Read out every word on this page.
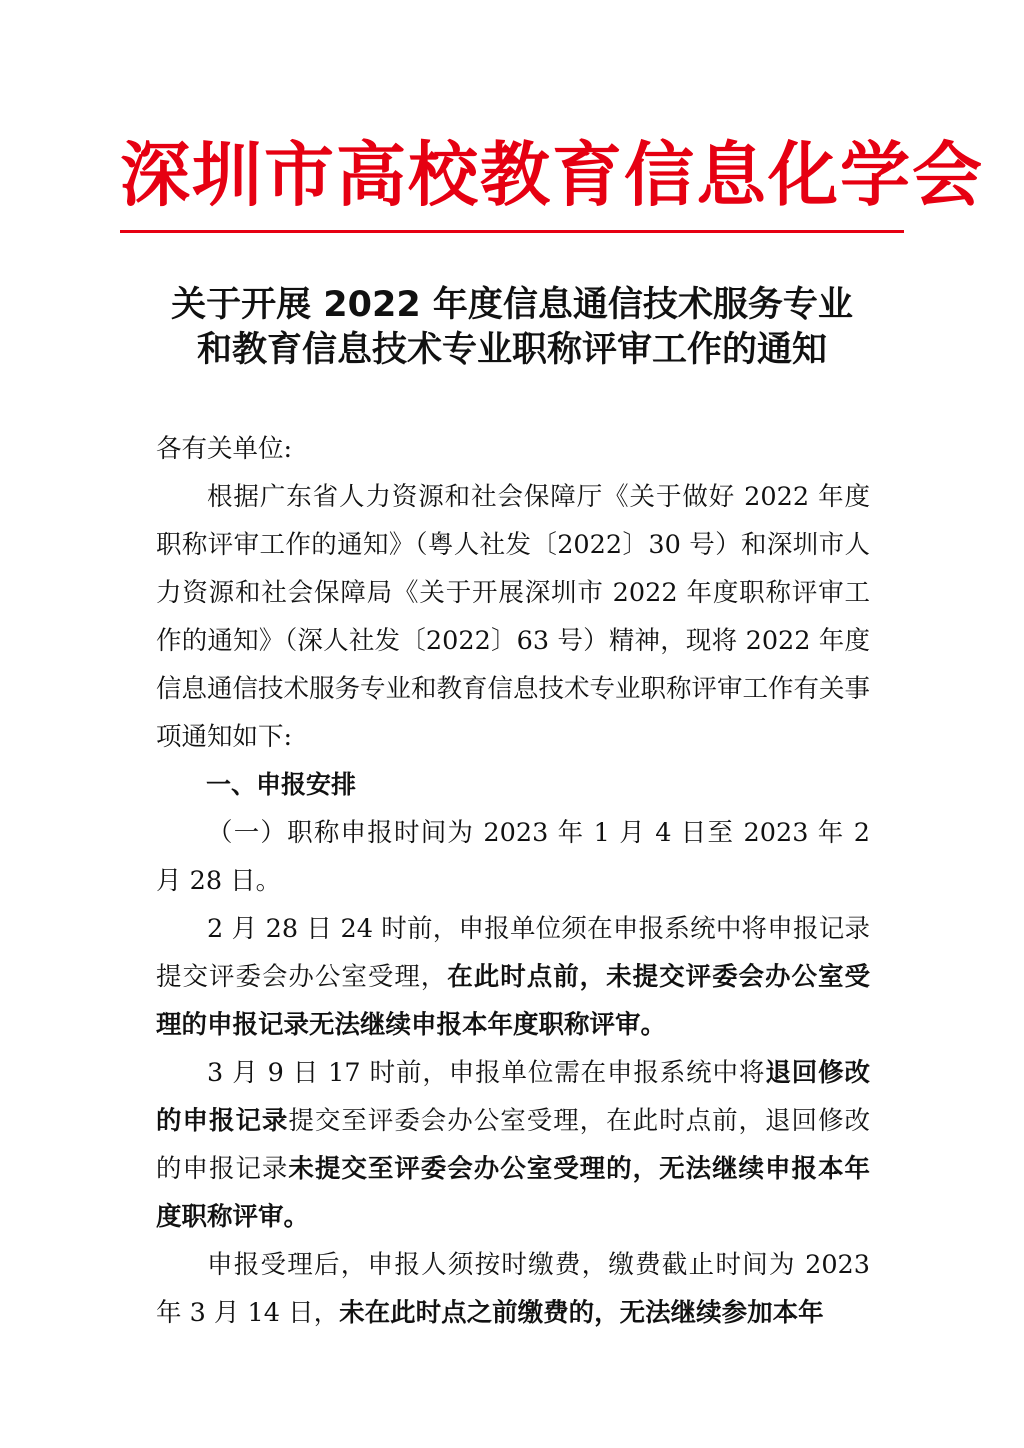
深圳市高校教育信息化学会
关于开展 2022 年度信息通信技术服务专业
和教育信息技术专业职称评审工作的通知

各有关单位:

根据广东省人力资源和社会保障厅《关于做好 2022 年度职称评审工作的通知》（粤人社发〔2022〕30 号）和深圳市人力资源和社会保障局《关于开展深圳市 2022 年度职称评审工作的通知》（深人社发〔2022〕63 号）精神，现将 2022 年度信息通信技术服务专业和教育信息技术专业职称评审工作有关事项通知如下:

一、申报安排

（一）职称申报时间为 2023 年 1 月 4 日至 2023 年 2 月 28 日。

2 月 28 日 24 时前，申报单位须在申报系统中将申报记录提交评委会办公室受理，在此时点前，未提交评委会办公室受理的申报记录无法继续申报本年度职称评审。

3 月 9 日 17 时前，申报单位需在申报系统中将退回修改的申报记录提交至评委会办公室受理，在此时点前，退回修改的申报记录未提交至评委会办公室受理的，无法继续申报本年度职称评审。

申报受理后，申报人须按时缴费，缴费截止时间为 2023 年 3 月 14 日，未在此时点之前缴费的，无法继续参加本年
